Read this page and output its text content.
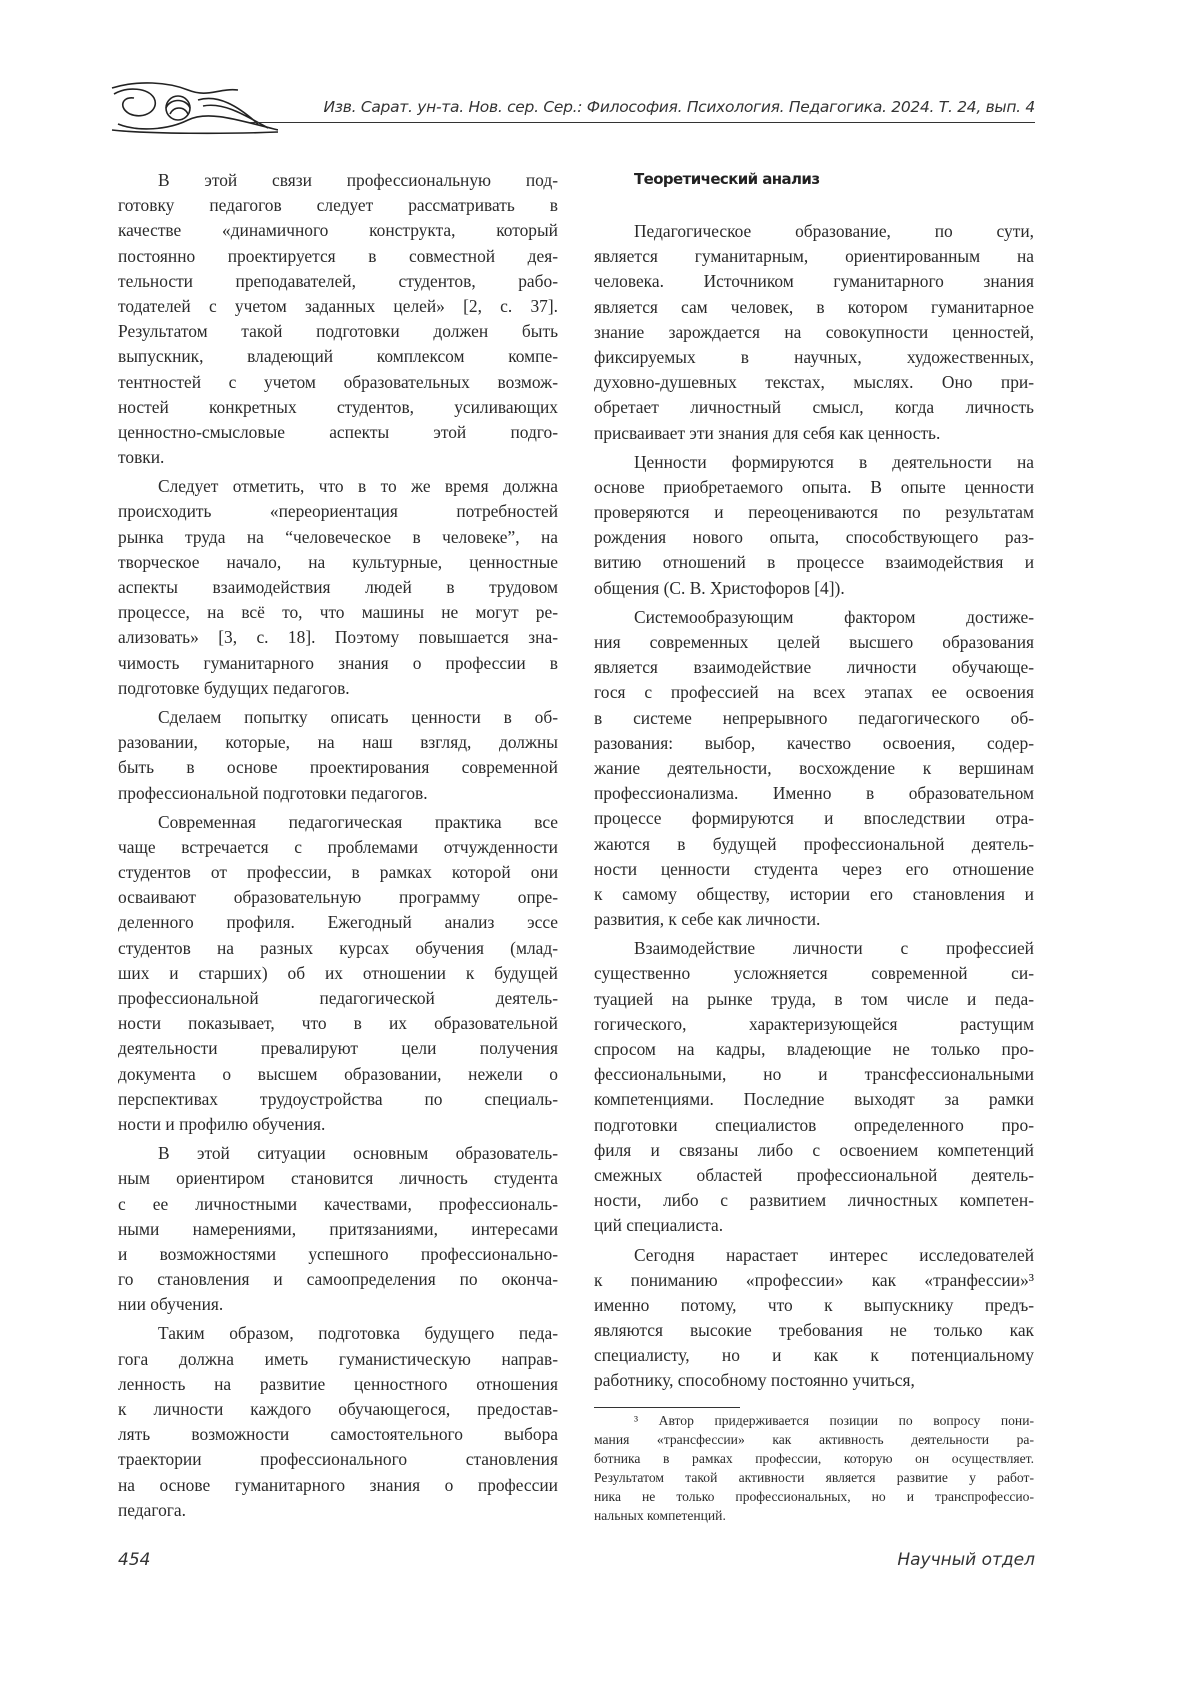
Изв. Сарат. ун-та. Нов. сер. Сер.: Философия. Психология. Педагогика. 2024. Т. 24, вып. 4
В этой связи профессиональную под-
готовку педагогов следует рассматривать в
качестве «динамичного конструкта, который
постоянно проектируется в совместной дея-
тельности преподавателей, студентов, рабо-
тодателей с учетом заданных целей» [2, с. 37].
Результатом такой подготовки должен быть
выпускник, владеющий комплексом компе-
тентностей с учетом образовательных возмож-
ностей конкретных студентов, усиливающих
ценностно-смысловые аспекты этой подго-
товки.
Следует отметить, что в то же время должна
происходить «переориентация потребностей
рынка труда на “человеческое в человеке”, на
творческое начало, на культурные, ценностные
аспекты взаимодействия людей в трудовом
процессе, на всё то, что машины не могут ре-
ализовать» [3, с. 18]. Поэтому повышается зна-
чимость гуманитарного знания о профессии в
подготовке будущих педагогов.
Сделаем попытку описать ценности в об-
разовании, которые, на наш взгляд, должны
быть в основе проектирования современной
профессиональной подготовки педагогов.
Современная педагогическая практика все
чаще встречается с проблемами отчужденности
студентов от профессии, в рамках которой они
осваивают образовательную программу опре-
деленного профиля. Ежегодный анализ эссе
студентов на разных курсах обучения (млад-
ших и старших) об их отношении к будущей
профессиональной педагогической деятель-
ности показывает, что в их образовательной
деятельности превалируют цели получения
документа о высшем образовании, нежели о
перспективах трудоустройства по специаль-
ности и профилю обучения.
В этой ситуации основным образователь-
ным ориентиром становится личность студента
с ее личностными качествами, профессиональ-
ными намерениями, притязаниями, интересами
и возможностями успешного профессионально-
го становления и самоопределения по оконча-
нии обучения.
Таким образом, подготовка будущего педа-
гога должна иметь гуманистическую направ-
ленность на развитие ценностного отношения
к личности каждого обучающегося, предостав-
лять возможности самостоятельного выбора
траектории профессионального становления
на основе гуманитарного знания о профессии
педагога.
Теоретический анализ
Педагогическое образование, по сути,
является гуманитарным, ориентированным на
человека. Источником гуманитарного знания
является сам человек, в котором гуманитарное
знание зарождается на совокупности ценностей,
фиксируемых в научных, художественных,
духовно-душевных текстах, мыслях. Оно при-
обретает личностный смысл, когда личность
присваивает эти знания для себя как ценность.
Ценности формируются в деятельности на
основе приобретаемого опыта. В опыте ценности
проверяются и переоцениваются по результатам
рождения нового опыта, способствующего раз-
витию отношений в процессе взаимодействия и
общения (С. В. Христофоров [4]).
Системообразующим фактором достиже-
ния современных целей высшего образования
является взаимодействие личности обучающе-
гося с профессией на всех этапах ее освоения
в системе непрерывного педагогического об-
разования: выбор, качество освоения, содер-
жание деятельности, восхождение к вершинам
профессионализма. Именно в образовательном
процессе формируются и впоследствии отра-
жаются в будущей профессиональной деятель-
ности ценности студента через его отношение
к самому обществу, истории его становления и
развития, к себе как личности.
Взаимодействие личности с профессией
существенно усложняется современной си-
туацией на рынке труда, в том числе и педа-
гогического, характеризующейся растущим
спросом на кадры, владеющие не только про-
фессиональными, но и трансфессиональными
компетенциями. Последние выходят за рамки
подготовки специалистов определенного про-
филя и связаны либо с освоением компетенций
смежных областей профессиональной деятель-
ности, либо с развитием личностных компетен-
ций специалиста.
Сегодня нарастает интерес исследователей
к пониманию «профессии» как «транфессии»³
именно потому, что к выпускнику предъ-
являются высокие требования не только как
специалисту, но и как к потенциальному
работнику, способному постоянно учиться,
³ Автор придерживается позиции по вопросу пони-
мания «трансфессии» как активность деятельности ра-
ботника в рамках профессии, которую он осуществляет.
Результатом такой активности является развитие у работ-
ника не только профессиональных, но и транспрофессио-
нальных компетенций.
454	Научный отдел
